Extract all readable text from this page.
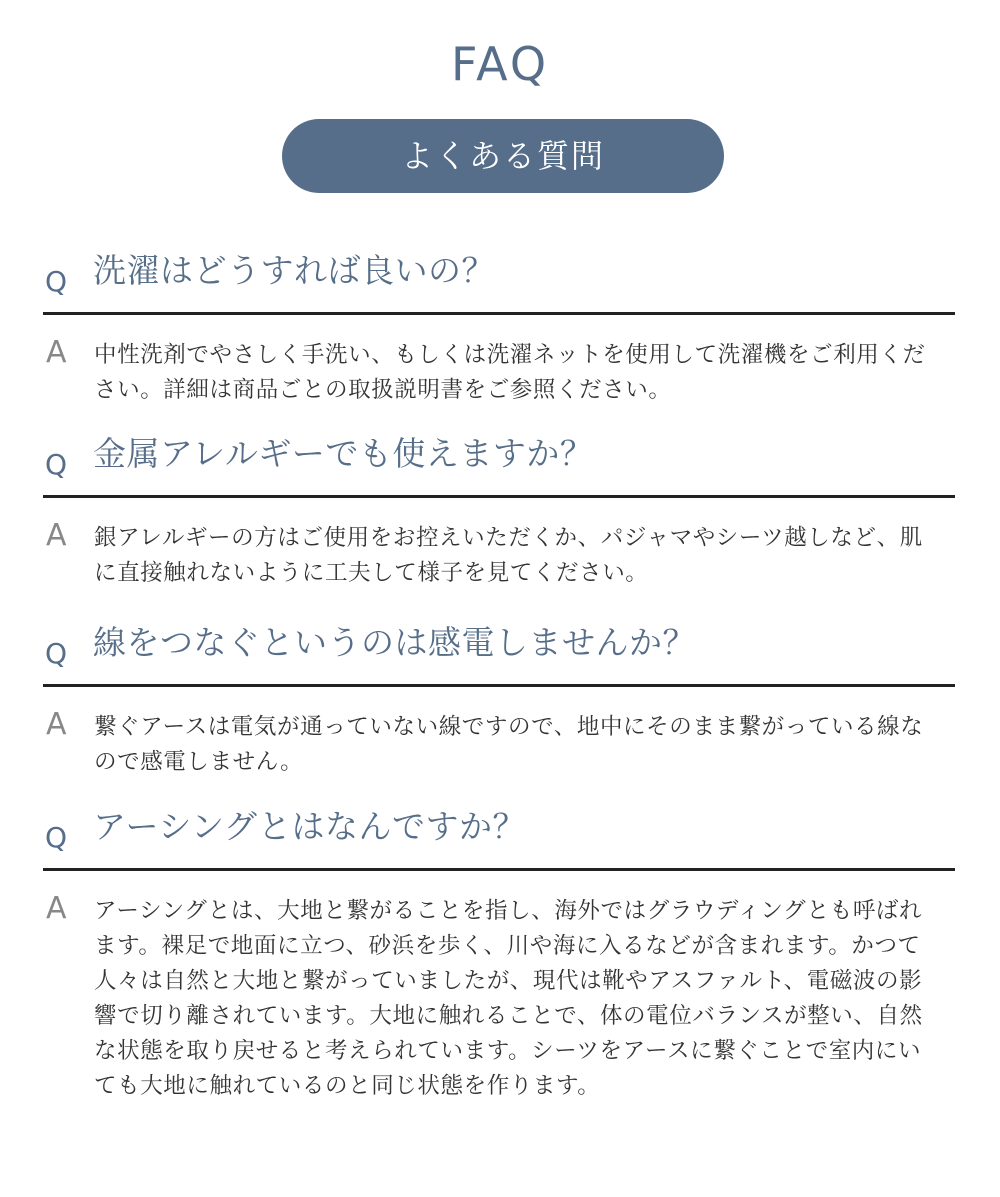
FAQ
よくある質問
Q 洗濯はどうすれば良いの？
A 中性洗剤でやさしく手洗い、もしくは洗濯ネットを使用して洗濯機をご利用ください。詳細は商品ごとの取扱説明書をご参照ください。
Q 金属アレルギーでも使えますか？
A 銀アレルギーの方はご使用をお控えいただくか、パジャマやシーツ越しなど、肌に直接触れないように工夫して様子を見てください。
Q 線をつなぐというのは感電しませんか？
A 繋ぐアースは電気が通っていない線ですので、地中にそのまま繋がっている線なので感電しません。
Q アーシングとはなんですか？
A アーシングとは、大地と繋がることを指し、海外ではグラウディングとも呼ばれます。裸足で地面に立つ、砂浜を歩く、川や海に入るなどが含まれます。かつて人々は自然と大地と繋がっていましたが、現代は靴やアスファルト、電磁波の影響で切り離されています。大地に触れることで、体の電位バランスが整い、自然な状態を取り戻せると考えられています。シーツをアースに繋ぐことで室内にいても大地に触れているのと同じ状態を作ります。
